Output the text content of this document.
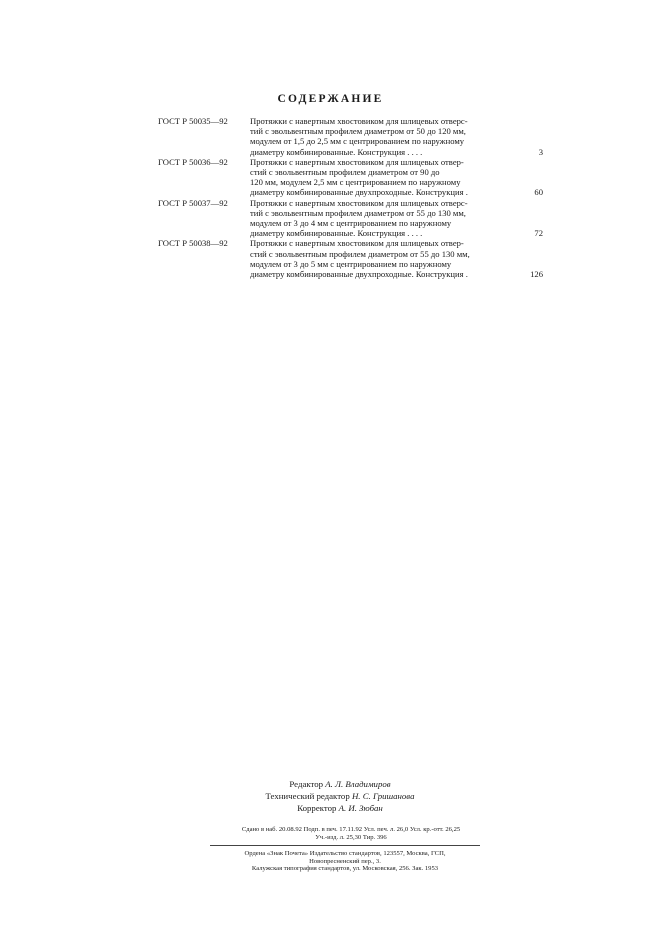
СОДЕРЖАНИЕ
ГОСТ Р 50035—92	Протяжки с навертным хвостовиком для шлицевых отверс-
тий с эвольвентным профилем диаметром от 50 до 120 мм,
модулем от 1,5 до 2,5 мм с центрированием по наружному
диаметру комбинированные. Конструкция . . . .	3
ГОСТ Р 50036—92	Протяжки с навертным хвостовиком для шлицевых отвер-
стий с эвольвентным профилем диаметром от 90 до
120 мм, модулем 2,5 мм с центрированием по наружному
диаметру комбинированные двухпроходные. Конструкция .	60
ГОСТ Р 50037—92	Протяжки с навертным хвостовиком для шлицевых отверс-
тий с эвольвентным профилем диаметром от 55 до 130 мм,
модулем от 3 до 4 мм с центрированием по наружному
диаметру комбинированные. Конструкция . . . .	72
ГОСТ Р 50038—92	Протяжки с навертным хвостовиком для шлицевых отвер-
стий с эвольвентным профилем диаметром от 55 до 130 мм,
модулем от 3 до 5 мм с центрированием по наружному
диаметру комбинированные двухпроходные. Конструкция .	126
Редактор А. Л. Владимиров
Технический редактор Н. С. Гришанова
Корректор А. И. Зюбан
Сдано в наб. 20.08.92 Подп. в печ. 17.11.92 Усл. печ. л. 26,0 Усл. кр.-отт. 26,25
Уч.-изд. л. 25,30 Тир. 396
Ордена «Знак Почета» Издательство стандартов, 123557, Москва, ГСП,
Новопресненский пер., 3.
Калужская типография стандартов, ул. Московская, 256. Зак. 1953
